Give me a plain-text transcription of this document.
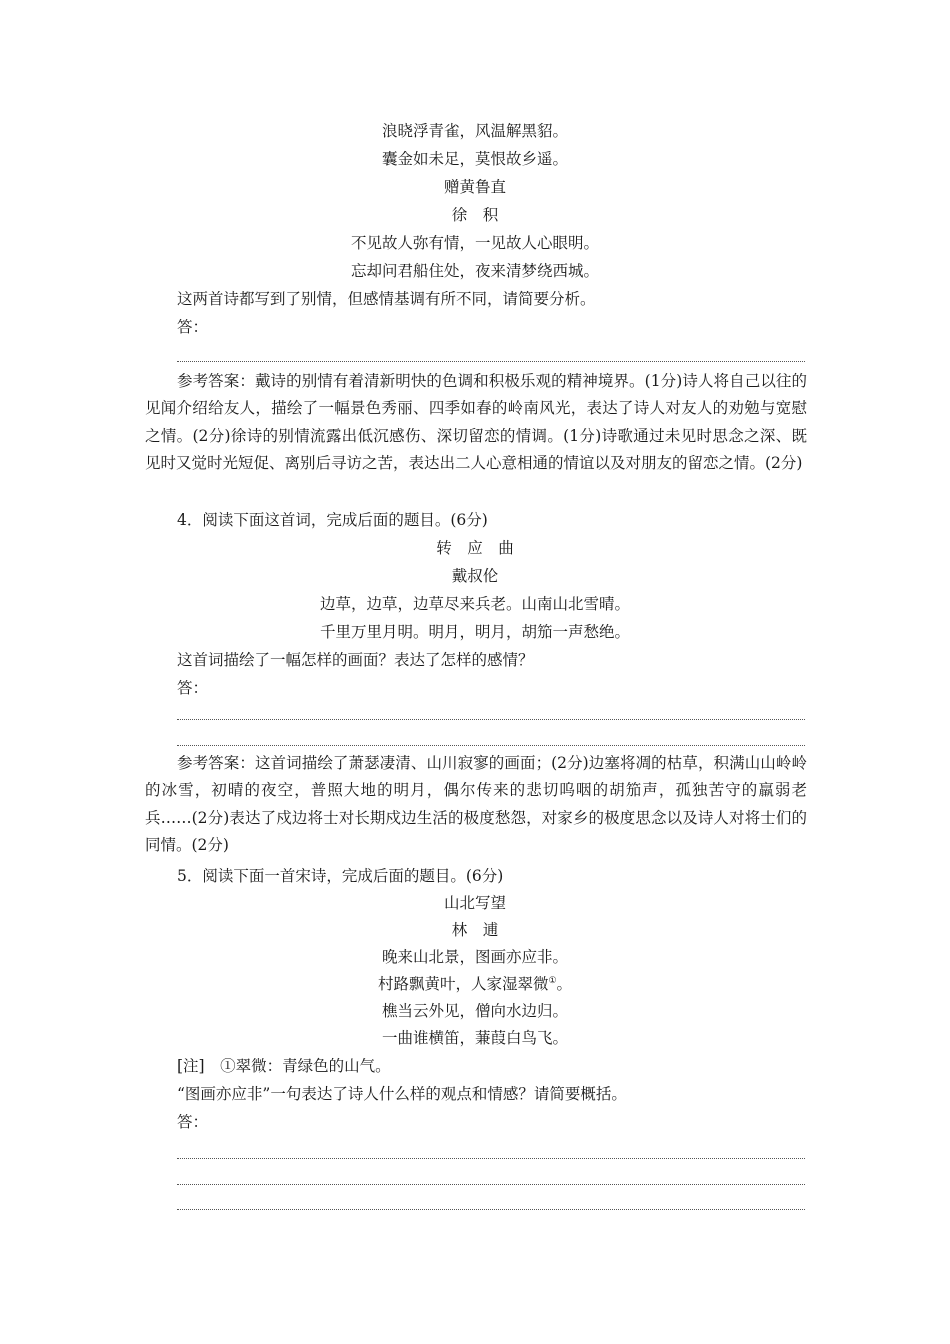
浪晓浮青雀，风温解黑貂。
囊金如未足，莫恨故乡遥。
赠黄鲁直
徐　积
不见故人弥有情，一见故人心眼明。
忘却问君船住处，夜来清梦绕西城。
这两首诗都写到了别情，但感情基调有所不同，请简要分析。
答：
参考答案：戴诗的别情有着清新明快的色调和积极乐观的精神境界。(1分)诗人将自己以往的见闻介绍给友人，描绘了一幅景色秀丽、四季如春的岭南风光，表达了诗人对友人的劝勉与宽慰之情。(2分)徐诗的别情流露出低沉感伤、深切留恋的情调。(1分)诗歌通过未见时思念之深、既见时又觉时光短促、离别后寻访之苦，表达出二人心意相通的情谊以及对朋友的留恋之情。(2分)
4．阅读下面这首词，完成后面的题目。(6分)
转　应　曲
戴叔伦
边草，边草，边草尽来兵老。山南山北雪晴。
千里万里月明。明月，明月，胡笳一声愁绝。
这首词描绘了一幅怎样的画面？表达了怎样的感情？
答：
参考答案：这首词描绘了萧瑟凄清、山川寂寥的画面；(2分)边塞将凋的枯草，积满山山岭岭的冰雪，初晴的夜空，普照大地的明月，偶尔传来的悲切呜咽的胡笳声，孤独苦守的羸弱老兵……(2分)表达了戍边将士对长期戍边生活的极度愁怨，对家乡的极度思念以及诗人对将士们的同情。(2分)
5．阅读下面一首宋诗，完成后面的题目。(6分)
山北写望
林　逋
晚来山北景，图画亦应非。
村路飘黄叶，人家湿翠微①。
樵当云外见，僧向水边归。
一曲谁横笛，蒹葭白鸟飞。
[注]　①翠微：青绿色的山气。
“图画亦应非”一句表达了诗人什么样的观点和情感？请简要概括。
答：
